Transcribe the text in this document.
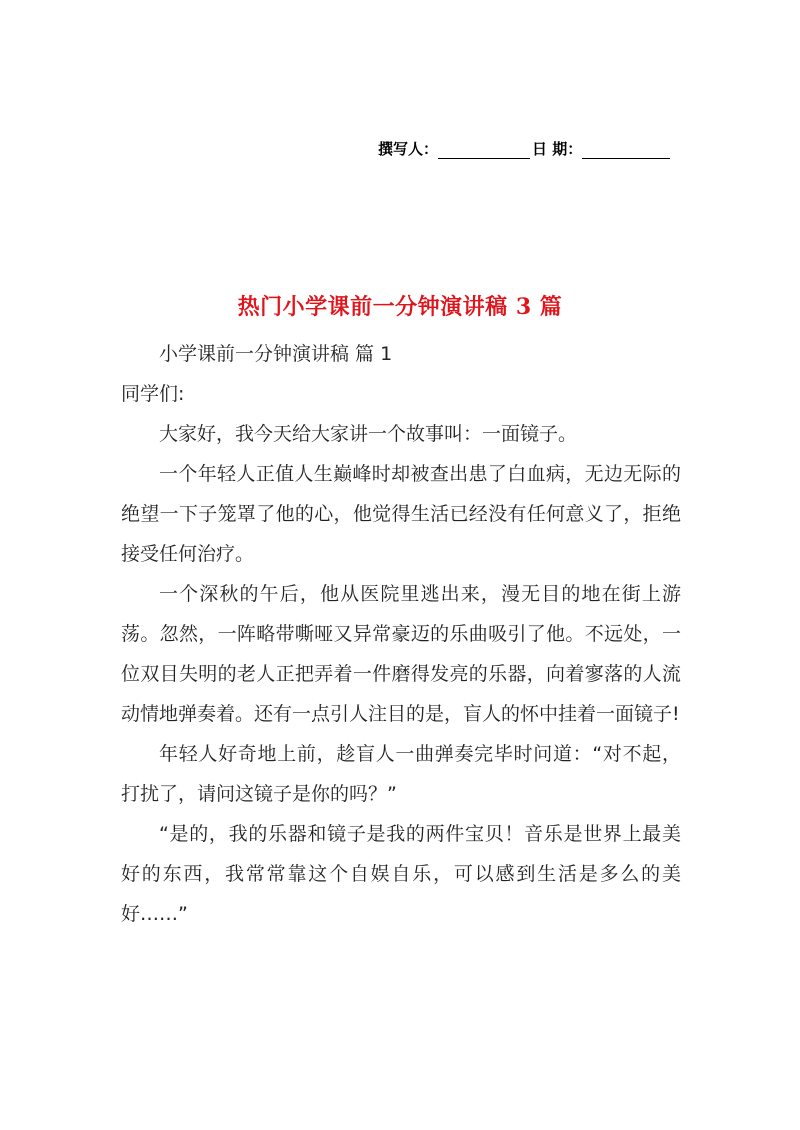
撰写人：	日 期：
热门小学课前一分钟演讲稿 3 篇

小学课前一分钟演讲稿 篇 1

同学们:

大家好，我今天给大家讲一个故事叫：一面镜子。

一个年轻人正值人生巅峰时却被查出患了白血病，无边无际的绝望一下子笼罩了他的心，他觉得生活已经没有任何意义了，拒绝接受任何治疗。

一个深秋的午后，他从医院里逃出来，漫无目的地在街上游荡。忽然，一阵略带嘶哑又异常豪迈的乐曲吸引了他。不远处，一位双目失明的老人正把弄着一件磨得发亮的乐器，向着寥落的人流动情地弹奏着。还有一点引人注目的是，盲人的怀中挂着一面镜子!

年轻人好奇地上前，趁盲人一曲弹奏完毕时问道：“对不起，打扰了，请问这镜子是你的吗？”

“是的，我的乐器和镜子是我的两件宝贝！音乐是世界上最美好的东西，我常常靠这个自娱自乐，可以感到生活是多么的美好……”
